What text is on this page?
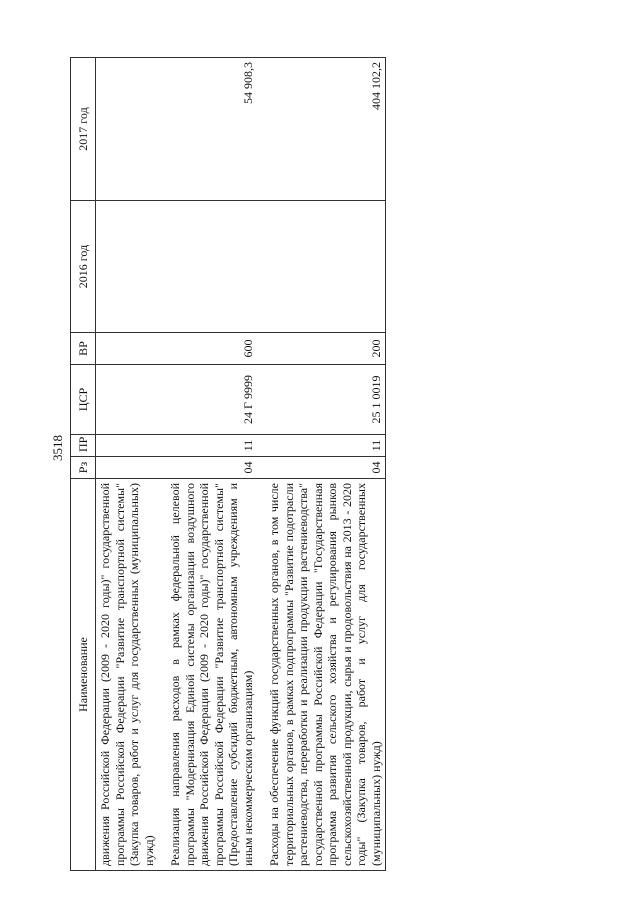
3518
Наименование	Рз	ПР	ЦСР	ВР	2016 год	2017 год
движения Российской Федерации (2009 - 2020 годы)" государственной программы Российской Федерации "Развитие транспортной системы" (Закупка товаров, работ и услуг для государственных (муниципальных) нужд)						

Реализация направления расходов в рамках федеральной целевой программы "Модернизация Единой системы организации воздушного движения Российской Федерации (2009 - 2020 годы)" государственной программы Российской Федерации "Развитие транспортной системы" (Предоставление субсидий бюджетным, автономным учреждениям и иным некоммерческим организациям)	04	11	24 Г 9999	600		54 908,3

Расходы на обеспечение функций государственных органов, в том числе территориальных органов, в рамках подпрограммы "Развитие подотрасли растениеводства, переработки и реализации продукции растениеводства" государственной программы Российской Федерации "Государственная программа развития сельского хозяйства и регулирования рынков сельскохозяйственной продукции, сырья и продовольствия на 2013 - 2020 годы" (Закупка товаров, работ и услуг для государственных (муниципальных) нужд)	04	11	25 1 0019	200		404 102,2
